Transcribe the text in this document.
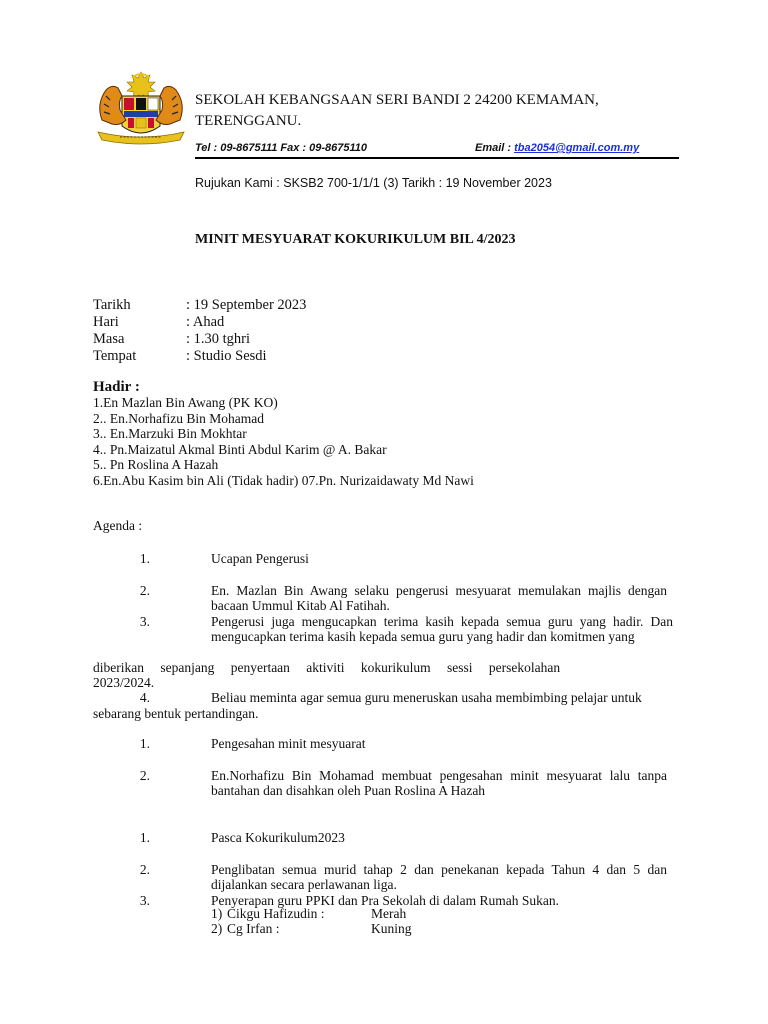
SEKOLAH KEBANGSAAN SERI BANDI 2 24200 KEMAMAN,
TERENGGANU.
Tel : 09-8675111 Fax : 09-8675110	Email : tba2054@gmail.com.my
Rujukan Kami : SKSB2 700-1/1/1 (3) Tarikh : 19 November 2023
MINIT MESYUARAT KOKURIKULUM BIL 4/2023
Tarikh	: 19 September 2023
Hari	: Ahad
Masa	: 1.30 tghri
Tempat	: Studio Sesdi
Hadir :
1.En Mazlan Bin Awang (PK KO)
2.. En.Norhafizu Bin Mohamad
3.. En.Marzuki Bin Mokhtar
4.. Pn.Maizatul Akmal Binti Abdul Karim @ A. Bakar
5.. Pn Roslina A Hazah
6.En.Abu Kasim bin Ali (Tidak hadir) 07.Pn. Nurizaidawaty Md Nawi
Agenda :
1.	Ucapan Pengerusi
2.	En. Mazlan Bin Awang selaku pengerusi mesyuarat memulakan majlis dengan bacaan Ummul Kitab Al Fatihah.
3.	Pengerusi juga mengucapkan terima kasih kepada semua guru yang hadir. Dan mengucapkan terima kasih kepada semua guru yang hadir dan komitmen yang
diberikan sepanjang penyertaan aktiviti kokurikulum sessi persekolahan 2023/2024.
4.	Beliau meminta agar semua guru meneruskan usaha membimbing pelajar untuk
sebarang bentuk pertandingan.
1.	Pengesahan minit mesyuarat
2.	En.Norhafizu Bin Mohamad membuat pengesahan minit mesyuarat lalu tanpa bantahan dan disahkan oleh Puan Roslina A Hazah
1.	Pasca Kokurikulum2023
2.	Penglibatan semua murid tahap 2 dan penekanan kepada Tahun 4 dan 5 dan dijalankan secara perlawanan liga.
3.	Penyerapan guru PPKI dan Pra Sekolah di dalam Rumah Sukan.
1) Cikgu Hafizudin :	Merah
2) Cg Irfan :	Kuning
